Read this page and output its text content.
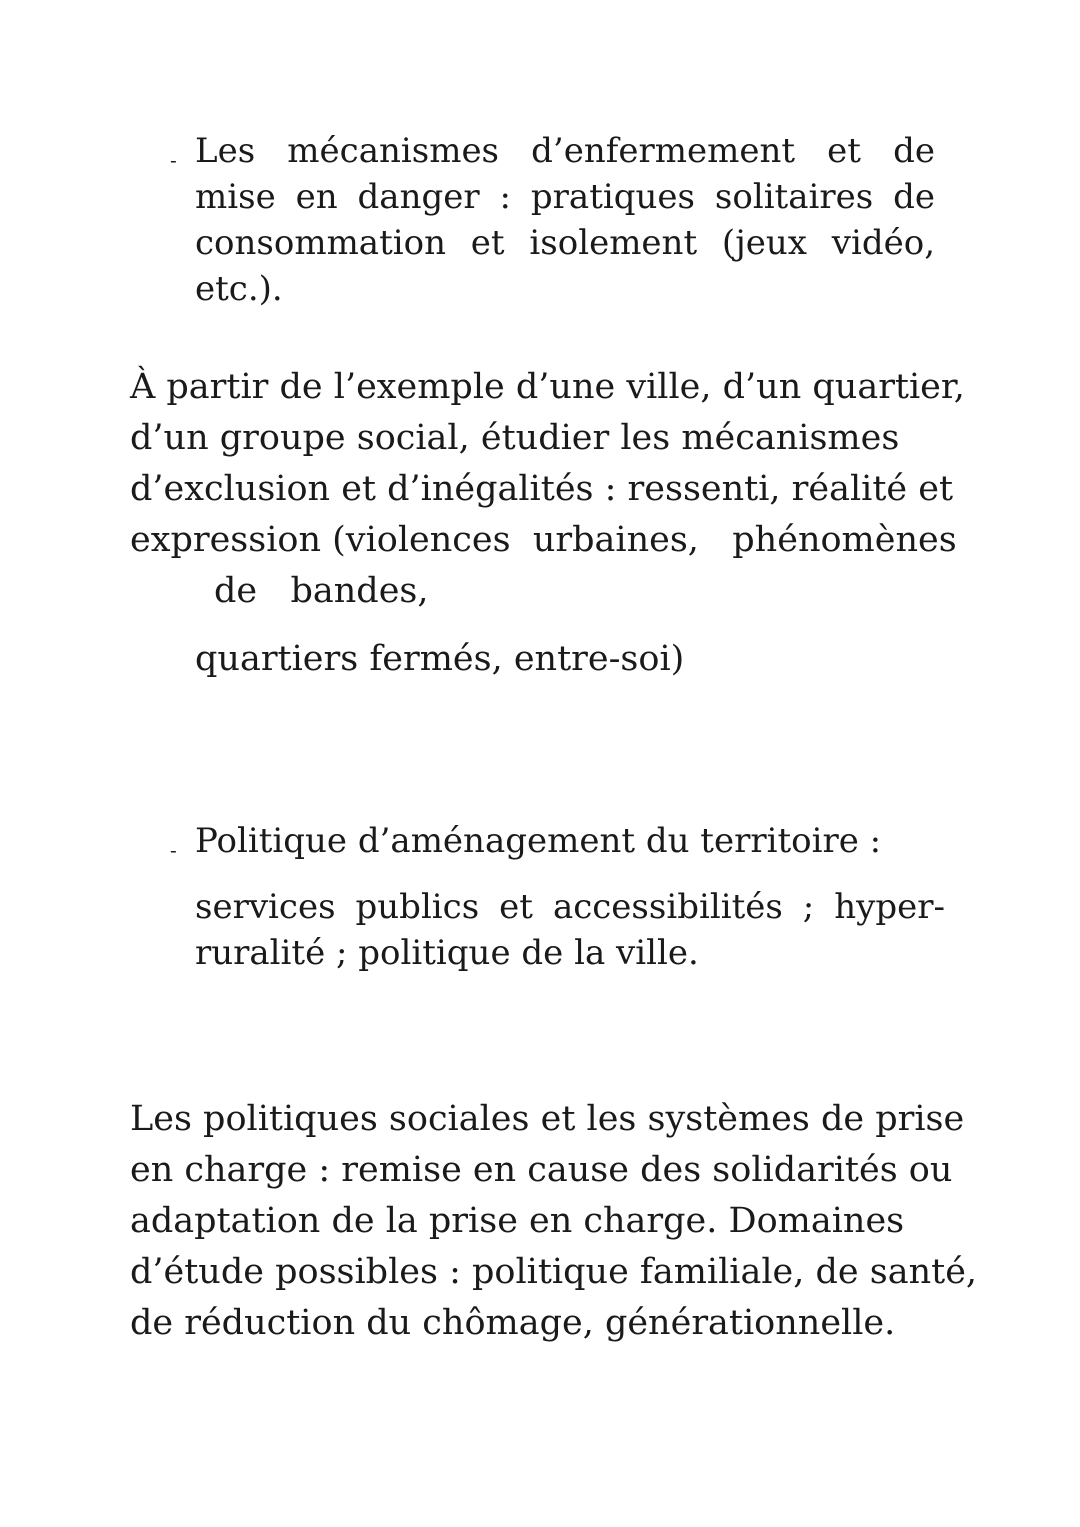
- Les mécanismes d’enfermement et de mise en danger : pratiques solitaires de consommation et isolement (jeux vidéo, etc.).

À partir de l’exemple d’une ville, d’un quartier,
d’un groupe social, étudier les mécanismes
d’exclusion et d’inégalités : ressenti, réalité et
expression (violences  urbaines,   phénomènes
de   bandes,

quartiers fermés, entre-soi)

- Politique d’aménagement du territoire :

services publics et accessibilités ; hyper-ruralité ; politique de la ville.

Les politiques sociales et les systèmes de prise
en charge : remise en cause des solidarités ou
adaptation de la prise en charge. Domaines
d’étude possibles : politique familiale, de santé,
de réduction du chômage, générationnelle.
